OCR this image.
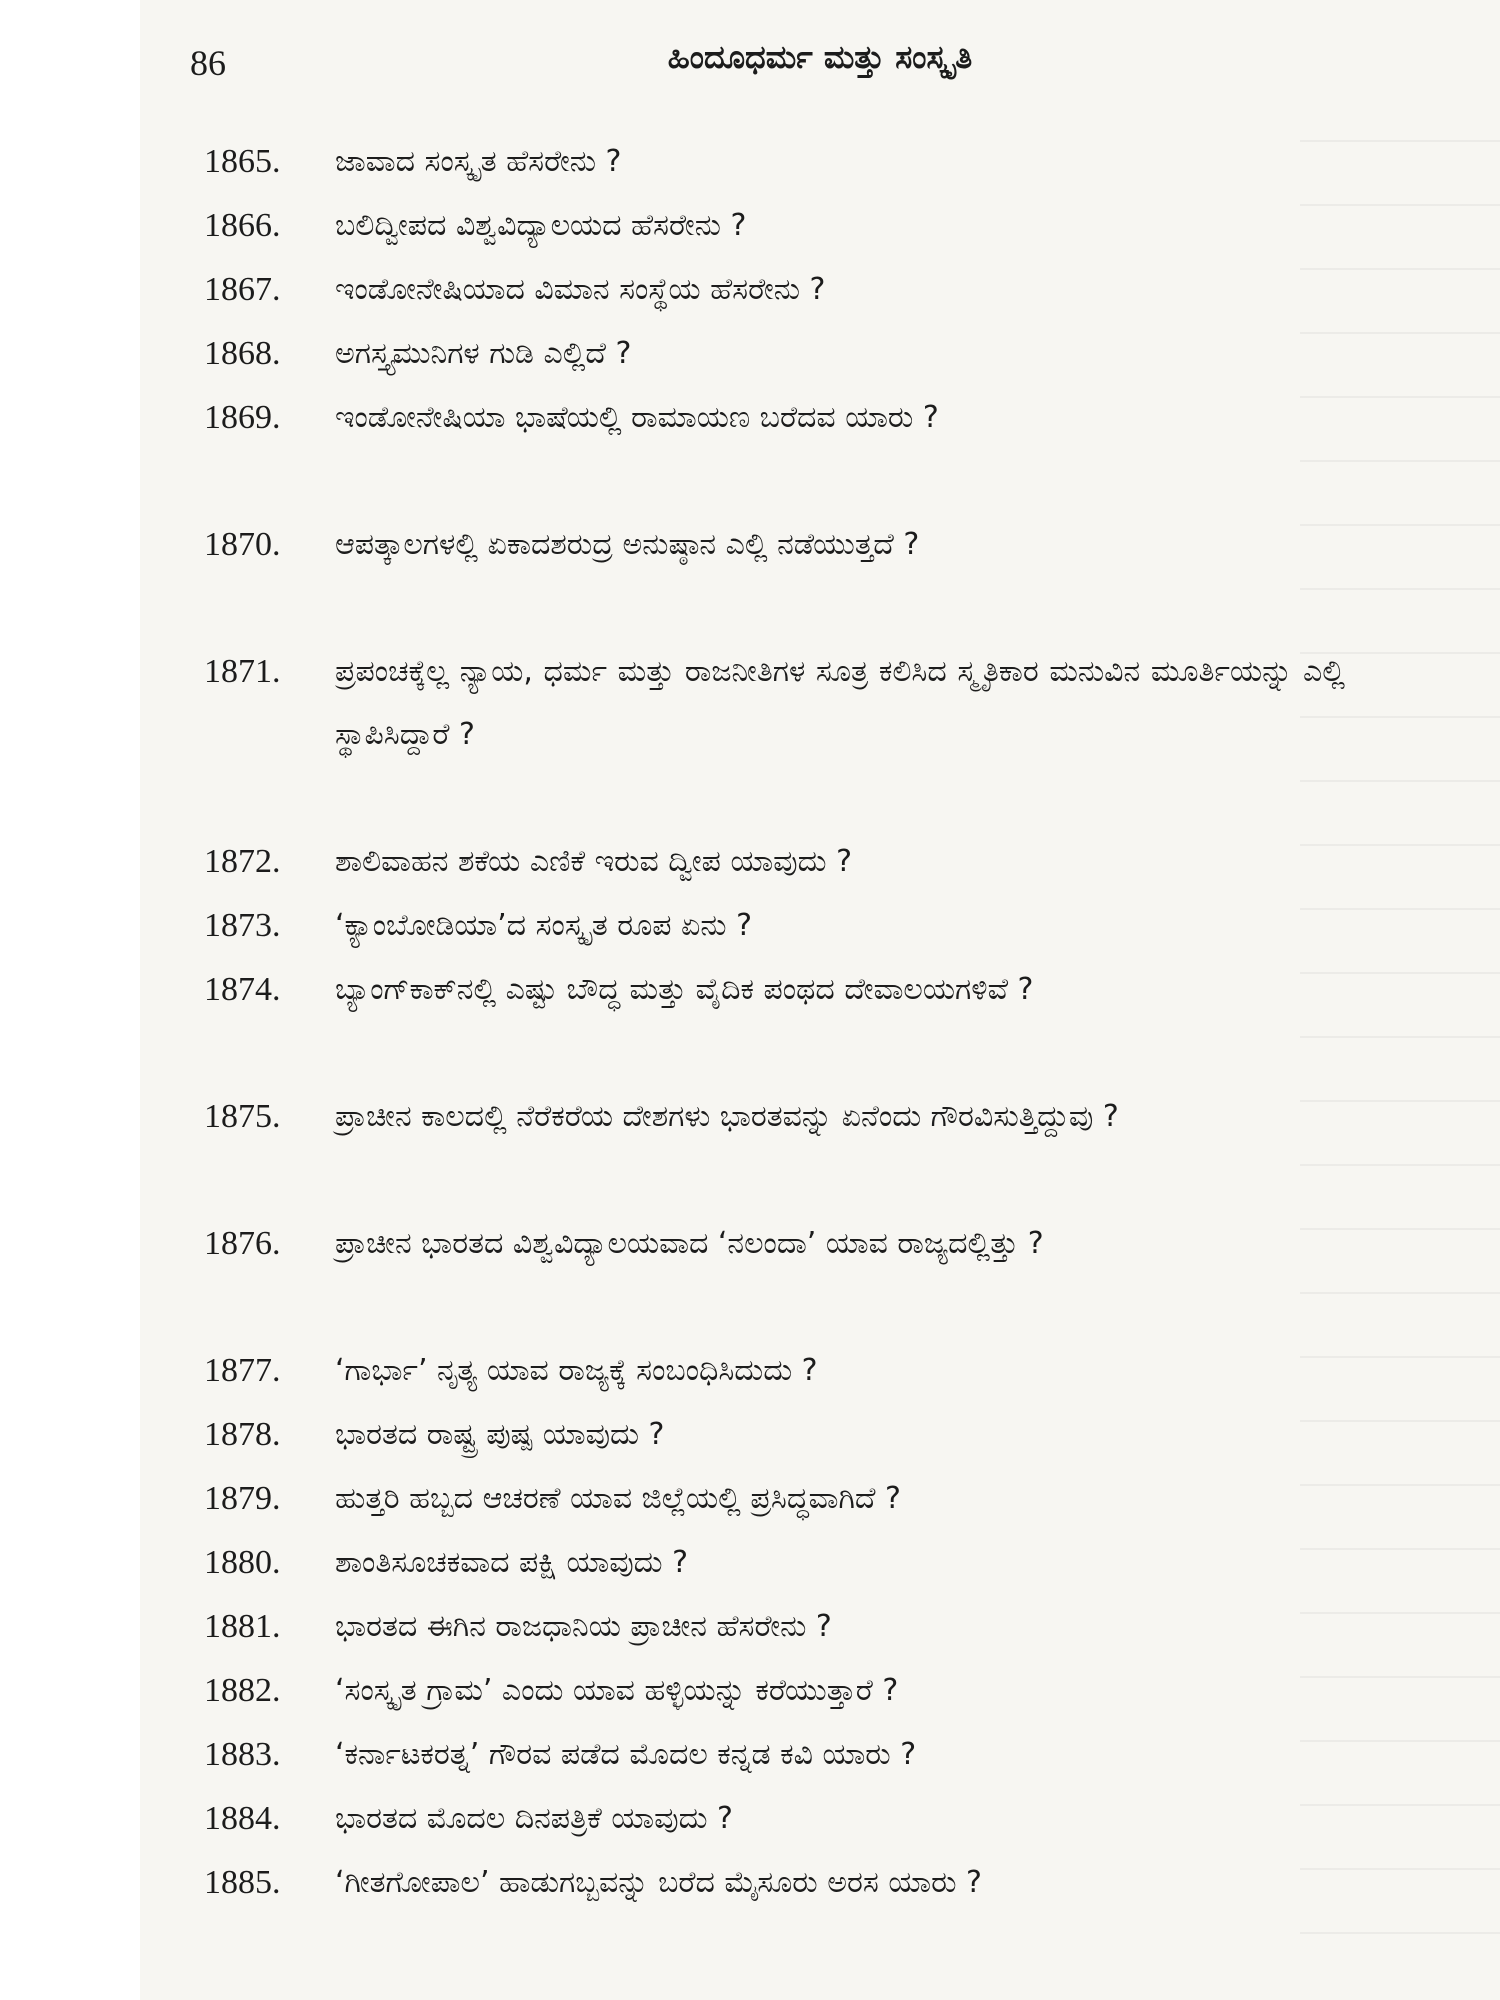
86	ಹಿಂದೂಧರ್ಮ ಮತ್ತು ಸಂಸ್ಕೃತಿ
1865. ಜಾವಾದ ಸಂಸ್ಕೃತ ಹೆಸರೇನು ?
1866. ಬಲಿದ್ವೀಪದ ವಿಶ್ವವಿದ್ಯಾಲಯದ ಹೆಸರೇನು ?
1867. ಇಂಡೋನೇಷಿಯಾದ ವಿಮಾನ ಸಂಸ್ಥೆಯ ಹೆಸರೇನು ?
1868. ಅಗಸ್ತ್ಯಮುನಿಗಳ ಗುಡಿ ಎಲ್ಲಿದೆ ?
1869. ಇಂಡೋನೇಷಿಯಾ ಭಾಷೆಯಲ್ಲಿ ರಾಮಾಯಣ ಬರೆದವ ಯಾರು ?
1870. ಆಪತ್ಕಾಲಗಳಲ್ಲಿ ಏಕಾದಶರುದ್ರ ಅನುಷ್ಠಾನ ಎಲ್ಲಿ ನಡೆಯುತ್ತದೆ ?
1871. ಪ್ರಪಂಚಕ್ಕೆಲ್ಲ ನ್ಯಾಯ, ಧರ್ಮ ಮತ್ತು ರಾಜನೀತಿಗಳ ಸೂತ್ರ ಕಲಿಸಿದ ಸ್ಮೃತಿಕಾರ ಮನುವಿನ ಮೂರ್ತಿಯನ್ನು ಎಲ್ಲಿ ಸ್ಥಾಪಿಸಿದ್ದಾರೆ ?
1872. ಶಾಲಿವಾಹನ ಶಕೆಯ ಎಣಿಕೆ ಇರುವ ದ್ವೀಪ ಯಾವುದು ?
1873. ‘ಕ್ಯಾಂಬೋಡಿಯಾ’ದ ಸಂಸ್ಕೃತ ರೂಪ ಏನು ?
1874. ಬ್ಯಾಂಗ್‌ಕಾಕ್‌ನಲ್ಲಿ ಎಷ್ಟು ಬೌದ್ಧ ಮತ್ತು ವೈದಿಕ ಪಂಥದ ದೇವಾಲಯಗಳಿವೆ ?
1875. ಪ್ರಾಚೀನ ಕಾಲದಲ್ಲಿ ನೆರೆಕರೆಯ ದೇಶಗಳು ಭಾರತವನ್ನು ಏನೆಂದು ಗೌರವಿಸುತ್ತಿದ್ದುವು ?
1876. ಪ್ರಾಚೀನ ಭಾರತದ ವಿಶ್ವವಿದ್ಯಾಲಯವಾದ ‘ನಲಂದಾ’ ಯಾವ ರಾಜ್ಯದಲ್ಲಿತ್ತು ?
1877. ‘ಗಾರ್ಭಾ’ ನೃತ್ಯ ಯಾವ ರಾಜ್ಯಕ್ಕೆ ಸಂಬಂಧಿಸಿದುದು ?
1878. ಭಾರತದ ರಾಷ್ಟ್ರ ಪುಷ್ಪ ಯಾವುದು ?
1879. ಹುತ್ತರಿ ಹಬ್ಬದ ಆಚರಣೆ ಯಾವ ಜಿಲ್ಲೆಯಲ್ಲಿ ಪ್ರಸಿದ್ಧವಾಗಿದೆ ?
1880. ಶಾಂತಿಸೂಚಕವಾದ ಪಕ್ಷಿ ಯಾವುದು ?
1881. ಭಾರತದ ಈಗಿನ ರಾಜಧಾನಿಯ ಪ್ರಾಚೀನ ಹೆಸರೇನು ?
1882. ‘ಸಂಸ್ಕೃತ ಗ್ರಾಮ’ ಎಂದು ಯಾವ ಹಳ್ಳಿಯನ್ನು ಕರೆಯುತ್ತಾರೆ ?
1883. ‘ಕರ್ನಾಟಕರತ್ನ’ ಗೌರವ ಪಡೆದ ಮೊದಲ ಕನ್ನಡ ಕವಿ ಯಾರು ?
1884. ಭಾರತದ ಮೊದಲ ದಿನಪತ್ರಿಕೆ ಯಾವುದು ?
1885. ‘ಗೀತಗೋಪಾಲ’ ಹಾಡುಗಬ್ಬವನ್ನು ಬರೆದ ಮೈಸೂರು ಅರಸ ಯಾರು ?
